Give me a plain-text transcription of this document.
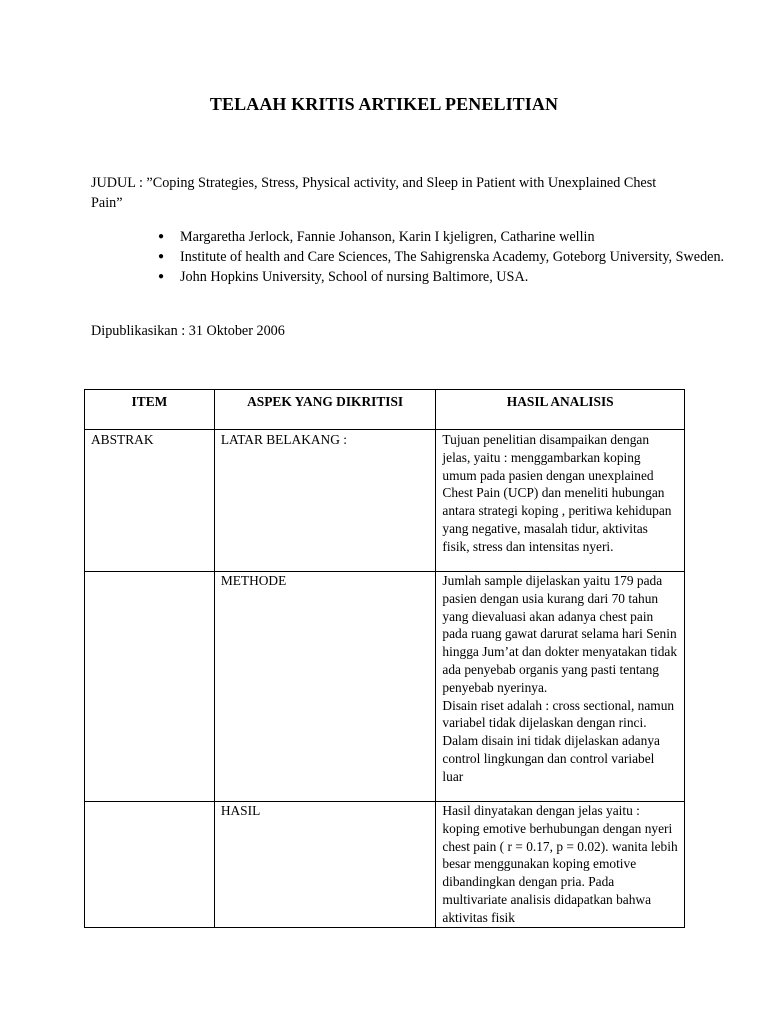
TELAAH KRITIS ARTIKEL PENELITIAN
JUDUL : ”Coping Strategies, Stress, Physical activity, and Sleep in Patient with Unexplained Chest Pain”
● Margaretha Jerlock, Fannie Johanson, Karin I kjeligren, Catharine wellin
● Institute of health and Care Sciences, The Sahigrenska Academy, Goteborg University, Sweden.
● John Hopkins University, School of nursing Baltimore, USA.
Dipublikasikan : 31 Oktober 2006
ITEM	ASPEK YANG DIKRITISI	HASIL ANALISIS
ABSTRAK	LATAR BELAKANG :	Tujuan penelitian disampaikan dengan jelas, yaitu : menggambarkan koping umum pada pasien dengan unexplained Chest Pain (UCP) dan meneliti hubungan antara strategi koping , peritiwa kehidupan yang negative, masalah tidur, aktivitas fisik, stress dan intensitas nyeri.
	METHODE	Jumlah sample dijelaskan yaitu 179 pada pasien dengan usia kurang dari 70 tahun yang dievaluasi akan adanya chest pain pada ruang gawat darurat selama hari Senin hingga Jum’at dan dokter menyatakan tidak ada penyebab organis yang pasti tentang penyebab nyerinya.
Disain riset adalah : cross sectional, namun variabel tidak dijelaskan dengan rinci. Dalam disain ini tidak dijelaskan adanya control lingkungan dan control variabel luar

	HASIL	Hasil dinyatakan dengan jelas yaitu : koping emotive berhubungan dengan nyeri chest pain ( r = 0.17, p = 0.02). wanita lebih besar menggunakan koping emotive dibandingkan dengan pria. Pada multivariate analisis didapatkan bahwa aktivitas fisik
